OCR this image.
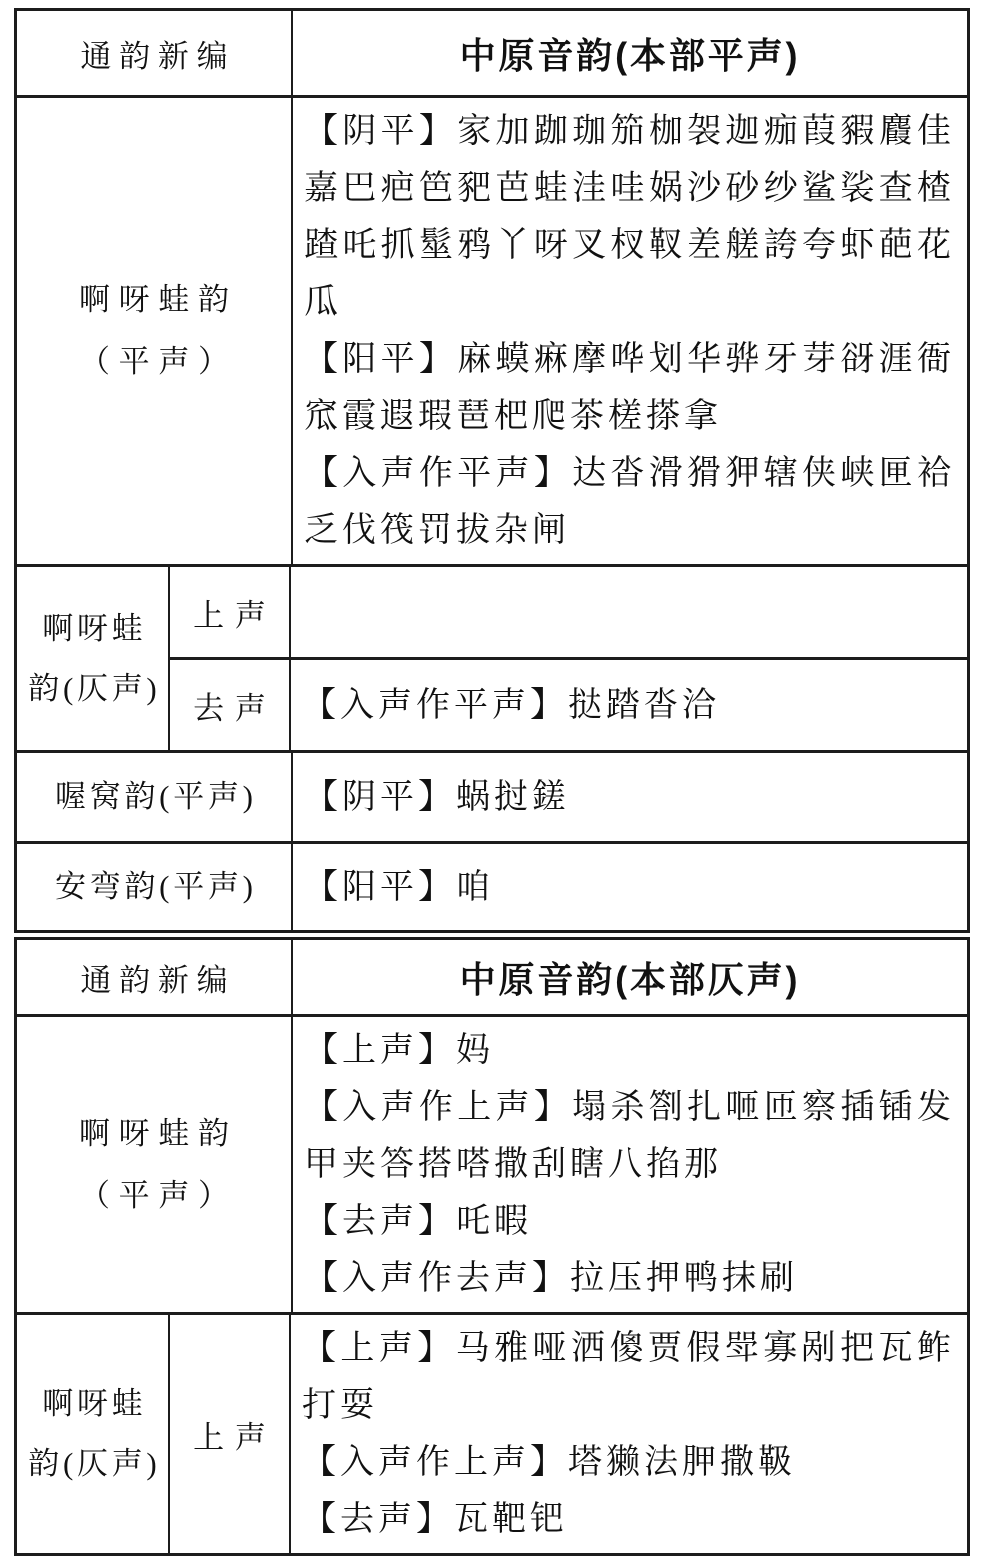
通韵新编	中原音韵(本部平声)
啊呀蛙韵
（平声）

【阴平】家加跏珈笳枷袈迦痂葭豭麚佳嘉巴疤笆豝芭蛙洼哇娲沙砂纱鲨裟查楂蹅吒抓髽鸦丫呀叉杈靫差艖誇夸虾葩花瓜

【阳平】麻蟆痳摩哗划华骅牙芽谺涯衙窊霞遐瑕琶杷爬茶槎搽拿

【入声作平声】达沓滑猾狎辖侠峡匣袷乏伐筏罚拔杂闸

啊呀蛙
韵(仄声)
上声
去声 【入声作平声】挞踏沓洽

喔窝韵(平声) 【阴平】蜗挝鎈

安弯韵(平声) 【阳平】咱

通韵新编	中原音韵(本部仄声)
啊呀蛙韵
（平声）

【上声】妈

【入声作上声】塌杀劄扎咂匝察插锸发甲夹答搭嗒撒刮瞎八掐那

【去声】吒暇

【入声作去声】拉压押鸭抹刷

啊呀蛙
韵(仄声)
上声

【上声】马雅哑洒傻贾假斝寡剐把瓦鲊打耍

【入声作上声】塔獭法胛撒靸

【去声】瓦靶钯
